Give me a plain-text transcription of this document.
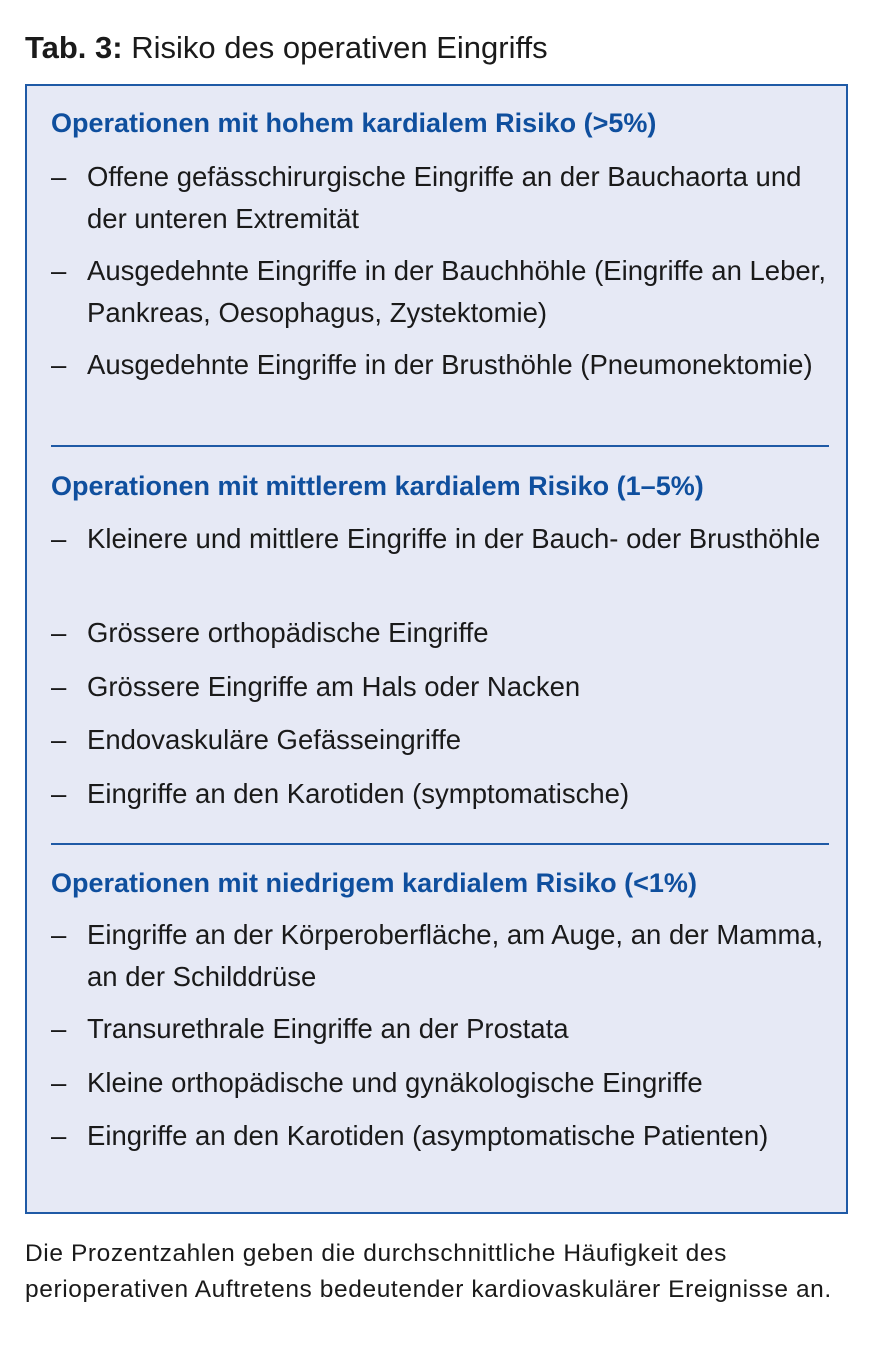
Tab. 3: Risiko des operativen Eingriffs
Operationen mit hohem kardialem Risiko (>5%)
– Offene gefässchirurgische Eingriffe an der Bauchaorta und der unteren Extremität
– Ausgedehnte Eingriffe in der Bauchhöhle (Eingriffe an Leber, Pankreas, Oesophagus, Zystektomie)
– Ausgedehnte Eingriffe in der Brusthöhle (Pneumonektomie)
Operationen mit mittlerem kardialem Risiko (1–5%)
– Kleinere und mittlere Eingriffe in der Bauch- oder Brusthöhle
– Grössere orthopädische Eingriffe
– Grössere Eingriffe am Hals oder Nacken
– Endovaskuläre Gefässeingriffe
– Eingriffe an den Karotiden (symptomatische)
Operationen mit niedrigem kardialem Risiko (<1%)
– Eingriffe an der Körperoberfläche, am Auge, an der Mamma, an der Schilddrüse
– Transurethrale Eingriffe an der Prostata
– Kleine orthopädische und gynäkologische Eingriffe
– Eingriffe an den Karotiden (asymptomatische Patienten)
Die Prozentzahlen geben die durchschnittliche Häufigkeit des perioperativen Auftretens bedeutender kardiovaskulärer Ereignisse an.
